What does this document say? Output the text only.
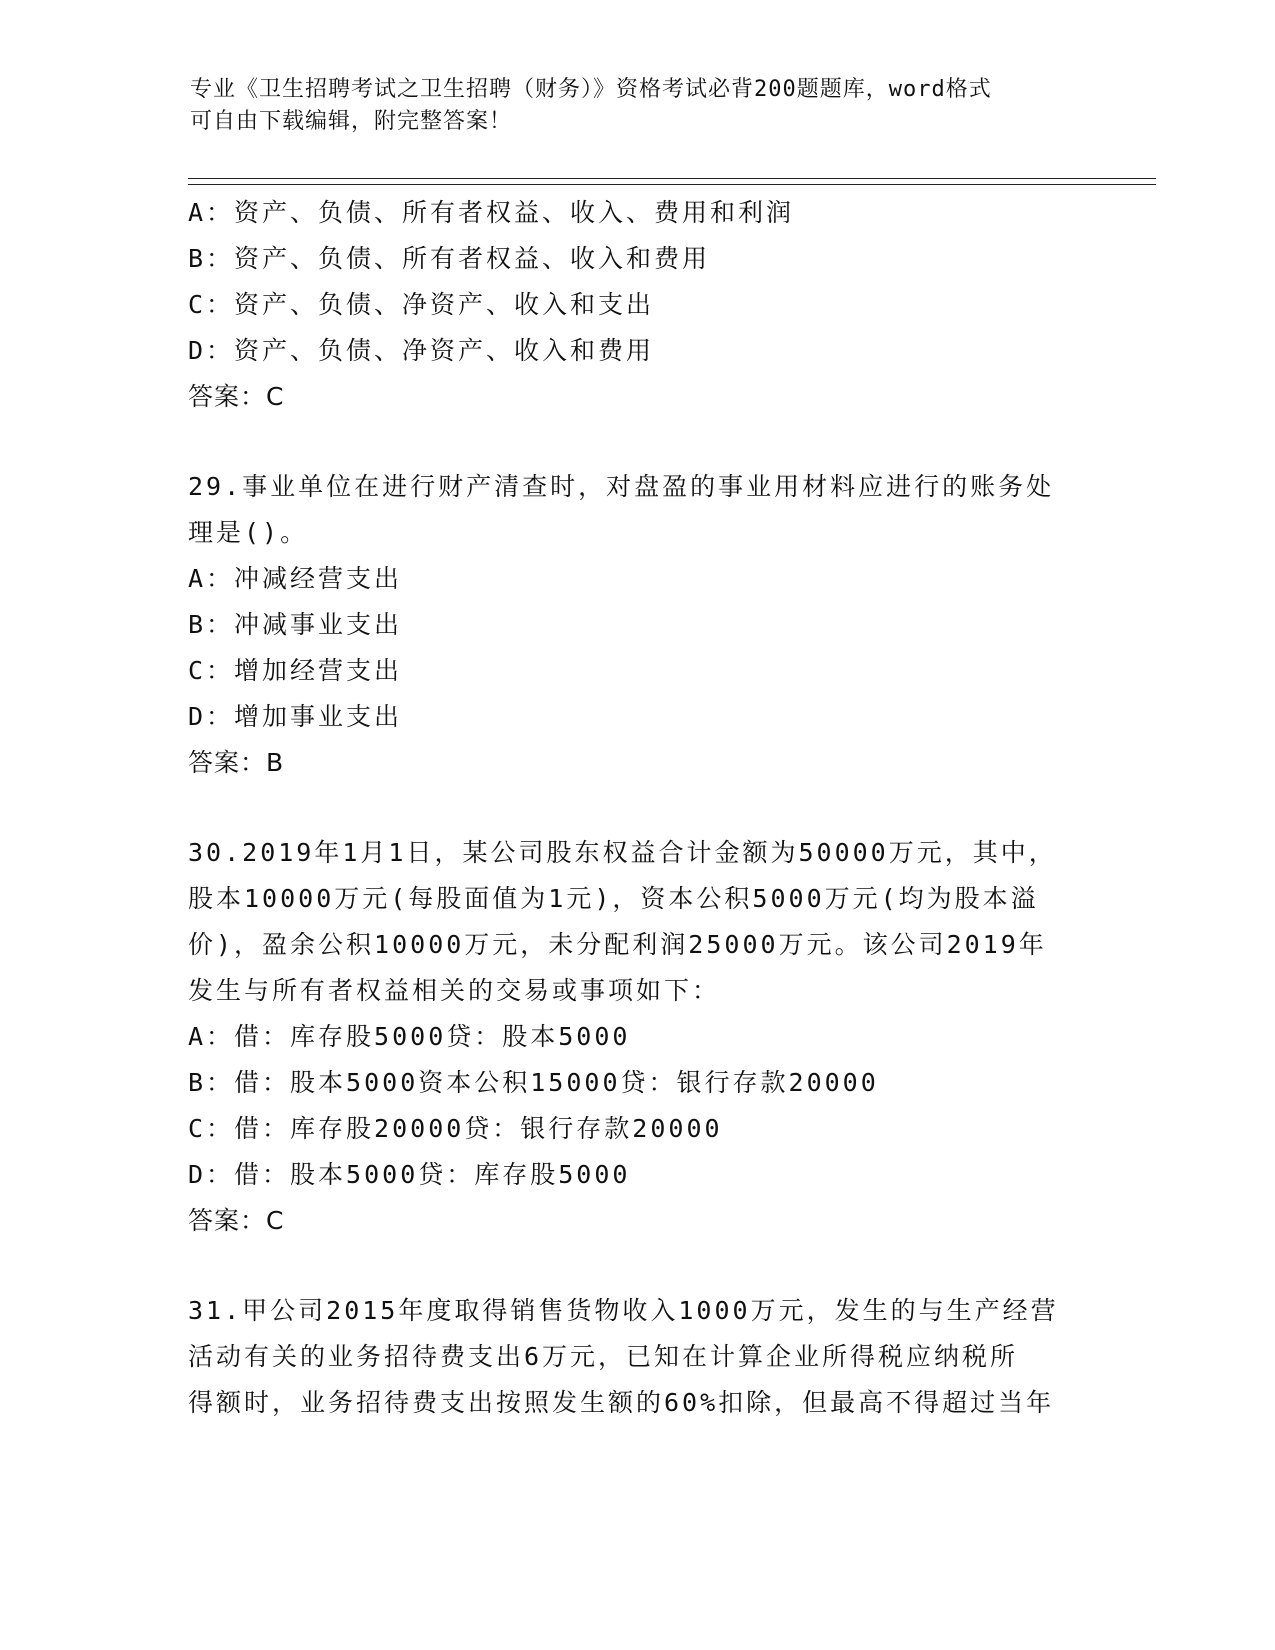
专业《卫生招聘考试之卫生招聘（财务）》资格考试必背200题题库，word格式
可自由下载编辑，附完整答案！
A：资产、负债、所有者权益、收入、费用和利润
B：资产、负债、所有者权益、收入和费用
C：资产、负债、净资产、收入和支出
D：资产、负债、净资产、收入和费用
答案：C
29.事业单位在进行财产清查时，对盘盈的事业用材料应进行的账务处
理是()。
A：冲减经营支出
B：冲减事业支出
C：增加经营支出
D：增加事业支出
答案：B
30.2019年1月1日，某公司股东权益合计金额为50000万元，其中，
股本10000万元(每股面值为1元)，资本公积5000万元(均为股本溢
价)，盈余公积10000万元，未分配利润25000万元。该公司2019年
发生与所有者权益相关的交易或事项如下：
A：借：库存股5000贷：股本5000
B：借：股本5000资本公积15000贷：银行存款20000
C：借：库存股20000贷：银行存款20000
D：借：股本5000贷：库存股5000
答案：C
31.甲公司2015年度取得销售货物收入1000万元，发生的与生产经营
活动有关的业务招待费支出6万元，已知在计算企业所得税应纳税所
得额时，业务招待费支出按照发生额的60%扣除，但最高不得超过当年
